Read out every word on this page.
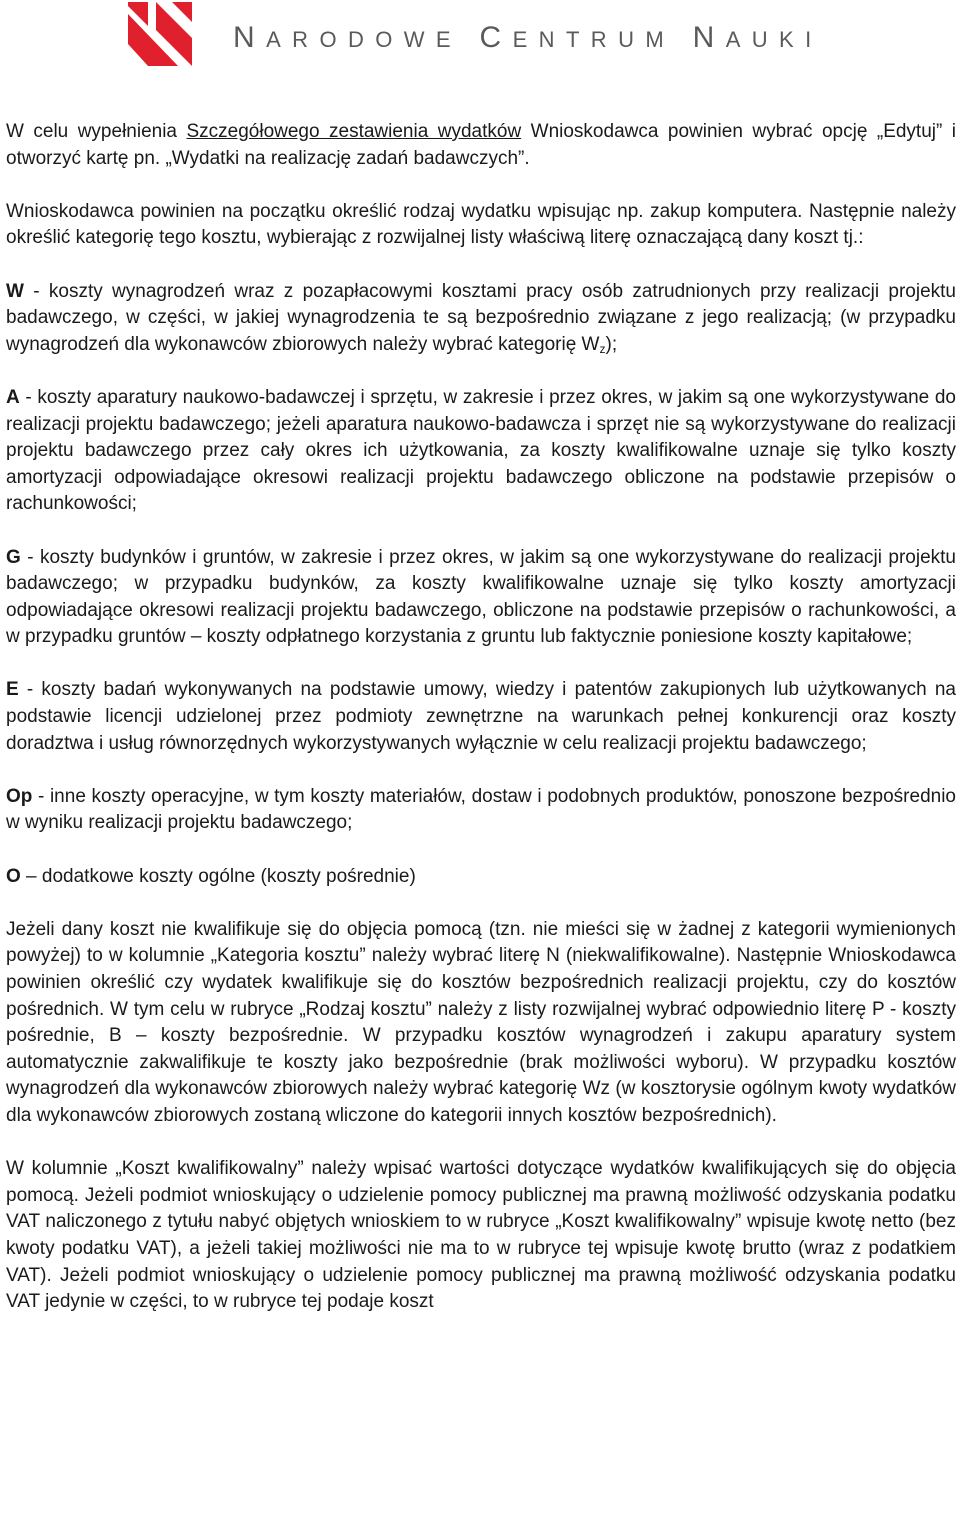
NARODOWE CENTRUM NAUKI

W celu wypełnienia Szczegółowego zestawienia wydatków Wnioskodawca powinien wybrać opcję „Edytuj” i otworzyć kartę pn. „Wydatki na realizację zadań badawczych”.

Wnioskodawca powinien na początku określić rodzaj wydatku wpisując np. zakup komputera. Następnie należy określić kategorię tego kosztu, wybierając z rozwijalnej listy właściwą literę oznaczającą dany koszt tj.:

W - koszty wynagrodzeń wraz z pozapłacowymi kosztami pracy osób zatrudnionych przy realizacji projektu badawczego, w części, w jakiej wynagrodzenia te są bezpośrednio związane z jego realizacją; (w przypadku wynagrodzeń dla wykonawców zbiorowych należy wybrać kategorię $W_z$);

A - koszty aparatury naukowo-badawczej i sprzętu, w zakresie i przez okres, w jakim są one wykorzystywane do realizacji projektu badawczego; jeżeli aparatura naukowo-badawcza i sprzęt nie są wykorzystywane do realizacji projektu badawczego przez cały okres ich użytkowania, za koszty kwalifikowalne uznaje się tylko koszty amortyzacji odpowiadające okresowi realizacji projektu badawczego obliczone na podstawie przepisów o rachunkowości;

G - koszty budynków i gruntów, w zakresie i przez okres, w jakim są one wykorzystywane do realizacji projektu badawczego; w przypadku budynków, za koszty kwalifikowalne uznaje się tylko koszty amortyzacji odpowiadające okresowi realizacji projektu badawczego, obliczone na podstawie przepisów o rachunkowości, a w przypadku gruntów – koszty odpłatnego korzystania z gruntu lub faktycznie poniesione koszty kapitałowe;

E - koszty badań wykonywanych na podstawie umowy, wiedzy i patentów zakupionych lub użytkowanych na podstawie licencji udzielonej przez podmioty zewnętrzne na warunkach pełnej konkurencji oraz koszty doradztwa i usług równorzędnych wykorzystywanych wyłącznie w celu realizacji projektu badawczego;

Op - inne koszty operacyjne, w tym koszty materiałów, dostaw i podobnych produktów, ponoszone bezpośrednio w wyniku realizacji projektu badawczego;

O – dodatkowe koszty ogólne (koszty pośrednie)

Jeżeli dany koszt nie kwalifikuje się do objęcia pomocą (tzn. nie mieści się w żadnej z kategorii wymienionych powyżej) to w kolumnie „Kategoria kosztu” należy wybrać literę N (niekwalifikowalne). Następnie Wnioskodawca powinien określić czy wydatek kwalifikuje się do kosztów bezpośrednich realizacji projektu, czy do kosztów pośrednich. W tym celu w rubryce „Rodzaj kosztu” należy z listy rozwijalnej wybrać odpowiednio literę P - koszty pośrednie, B – koszty bezpośrednie. W przypadku kosztów wynagrodzeń i zakupu aparatury system automatycznie zakwalifikuje te koszty jako bezpośrednie (brak możliwości wyboru). W przypadku kosztów wynagrodzeń dla wykonawców zbiorowych należy wybrać kategorię Wz (w kosztorysie ogólnym kwoty wydatków dla wykonawców zbiorowych zostaną wliczone do kategorii innych kosztów bezpośrednich).

W kolumnie „Koszt kwalifikowalny” należy wpisać wartości dotyczące wydatków kwalifikujących się do objęcia pomocą. Jeżeli podmiot wnioskujący o udzielenie pomocy publicznej ma prawną możliwość odzyskania podatku VAT naliczonego z tytułu nabyć objętych wnioskiem to w rubryce „Koszt kwalifikowalny” wpisuje kwotę netto (bez kwoty podatku VAT), a jeżeli takiej możliwości nie ma to w rubryce tej wpisuje kwotę brutto (wraz z podatkiem VAT). Jeżeli podmiot wnioskujący o udzielenie pomocy publicznej ma prawną możliwość odzyskania podatku VAT jedynie w części, to w rubryce tej podaje koszt
